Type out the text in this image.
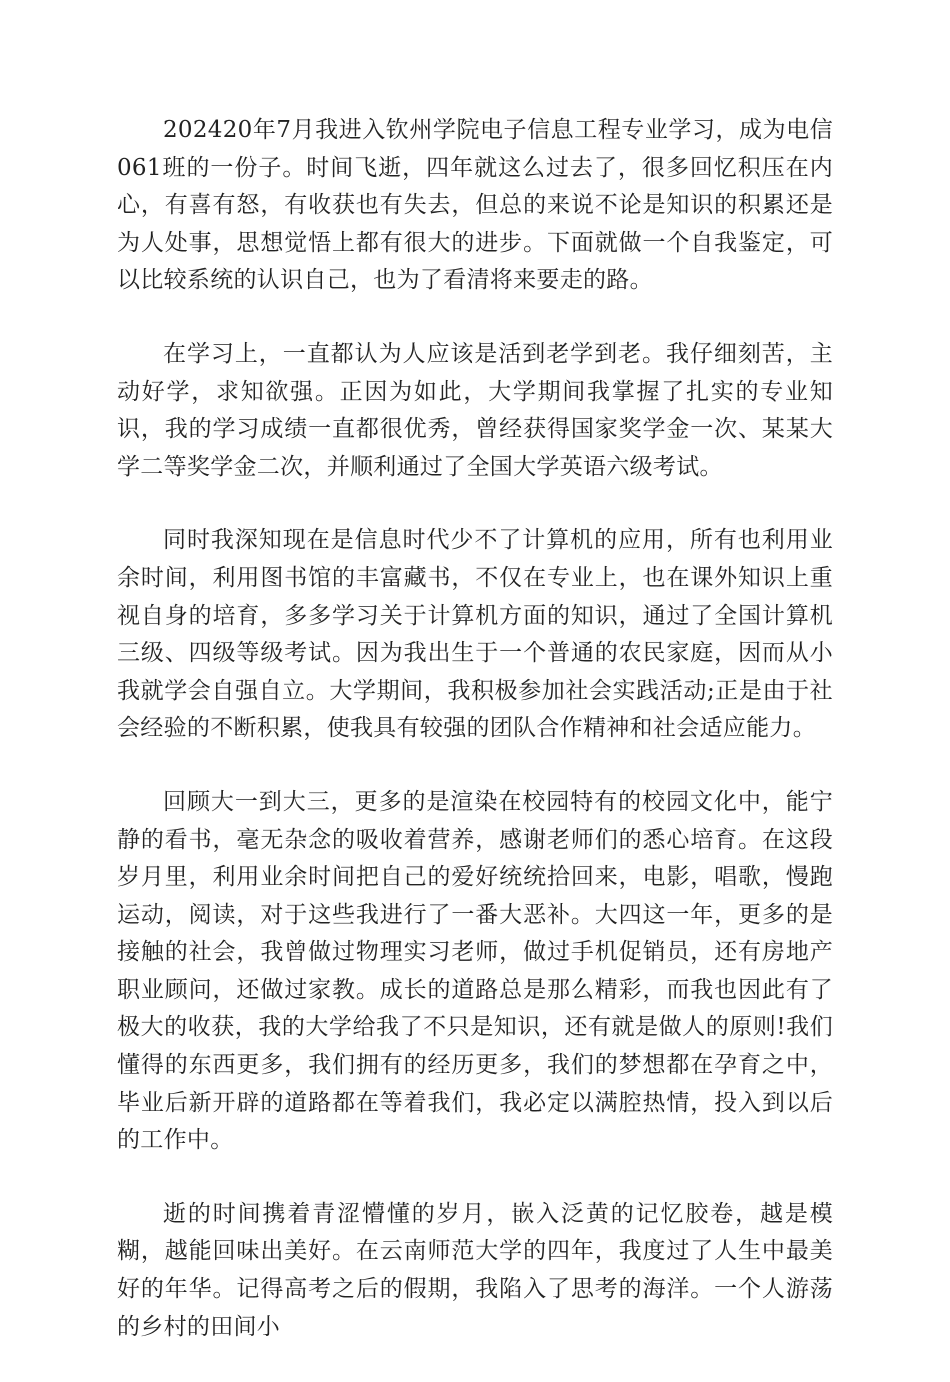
202420年7月我进入钦州学院电子信息工程专业学习，成为电信061班的一份子。时间飞逝，四年就这么过去了，很多回忆积压在内心，有喜有怒，有收获也有失去，但总的来说不论是知识的积累还是为人处事，思想觉悟上都有很大的进步。下面就做一个自我鉴定，可以比较系统的认识自己，也为了看清将来要走的路。

在学习上，一直都认为人应该是活到老学到老。我仔细刻苦，主动好学，求知欲强。正因为如此，大学期间我掌握了扎实的专业知识，我的学习成绩一直都很优秀，曾经获得国家奖学金一次、某某大学二等奖学金二次，并顺利通过了全国大学英语六级考试。

同时我深知现在是信息时代少不了计算机的应用，所有也利用业余时间，利用图书馆的丰富藏书，不仅在专业上，也在课外知识上重视自身的培育，多多学习关于计算机方面的知识，通过了全国计算机三级、四级等级考试。因为我出生于一个普通的农民家庭，因而从小我就学会自强自立。大学期间，我积极参加社会实践活动;正是由于社会经验的不断积累，使我具有较强的团队合作精神和社会适应能力。

回顾大一到大三，更多的是渲染在校园特有的校园文化中，能宁静的看书，毫无杂念的吸收着营养，感谢老师们的悉心培育。在这段岁月里，利用业余时间把自己的爱好统统拾回来，电影，唱歌，慢跑运动，阅读，对于这些我进行了一番大恶补。大四这一年，更多的是接触的社会，我曾做过物理实习老师，做过手机促销员，还有房地产职业顾问，还做过家教。成长的道路总是那么精彩，而我也因此有了极大的收获，我的大学给我了不只是知识，还有就是做人的原则!我们懂得的东西更多，我们拥有的经历更多，我们的梦想都在孕育之中，毕业后新开辟的道路都在等着我们，我必定以满腔热情，投入到以后的工作中。

逝的时间携着青涩懵懂的岁月，嵌入泛黄的记忆胶卷，越是模糊，越能回味出美好。在云南师范大学的四年，我度过了人生中最美好的年华。记得高考之后的假期，我陷入了思考的海洋。一个人游荡的乡村的田间小
